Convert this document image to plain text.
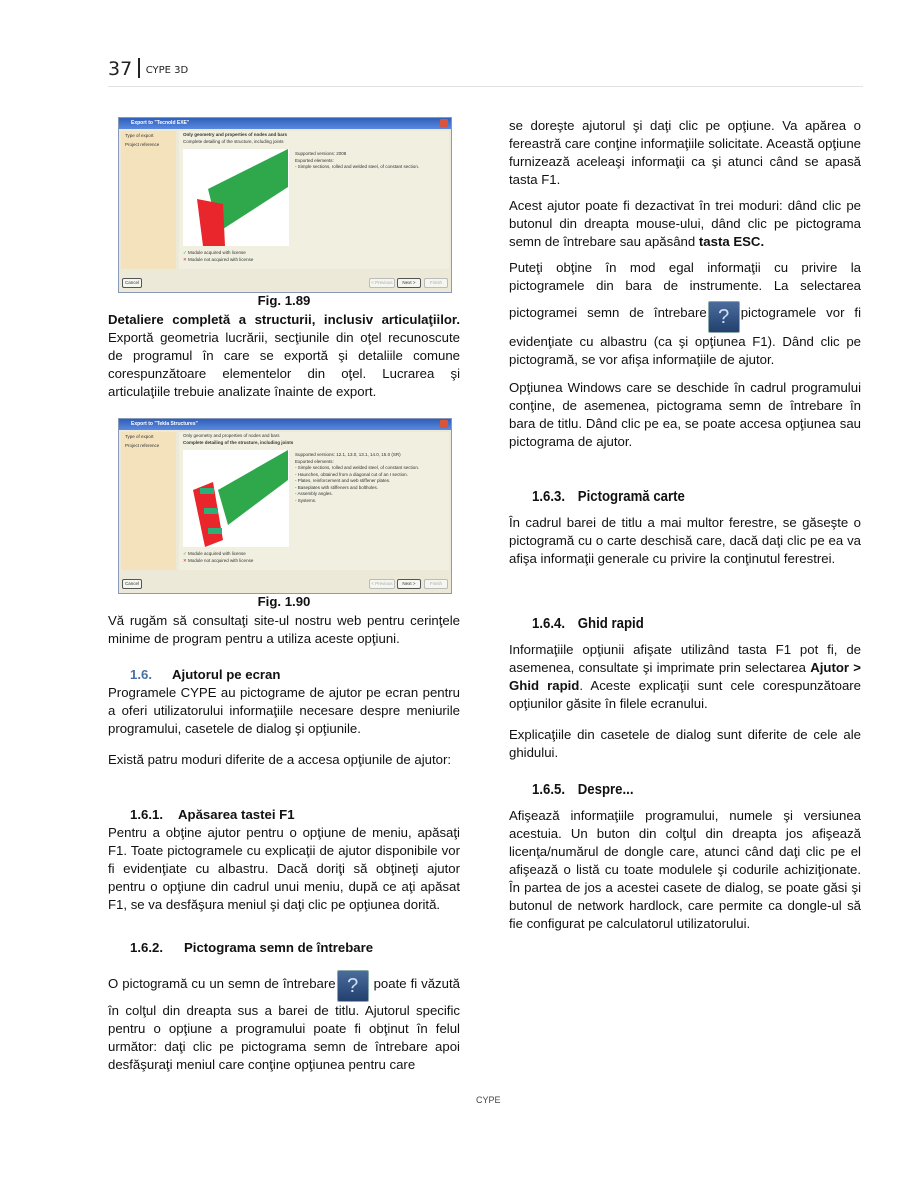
37 CYPE 3D
Export to "Tecnold EXE"
Type of export
Project reference
Only geometry and properties of nodes and bars
Complete detailing of the structure, including joints
Supported versions: 2008
Exported elements:
- Simple sections, rolled and welded steel, of constant section.
✓ Module acquired with license
✕ Module not acquired with license
Cancel	< Previous	Next >	Finish
Fig. 1.89
Detaliere completă a structurii, inclusiv articulaţiilor. Exportă geometria lucrării, secţiunile din oţel recunoscute de programul în care se exportă şi detaliile comune corespunzătoare elementelor din oţel. Lucrarea şi articulaţiile trebuie analizate înainte de export.
Export to "Tekla Structures"
Type of export
Project reference
Only geometry and properties of nodes and bars
Complete detailing of the structure, including joints
Supported versions: 12.1, 13.0, 13.1, 14.0, 15.0 (SR)
Exported elements:
- Simple sections, rolled and welded steel, of constant section.
- Haunches, obtained from a diagonal cut of an I section.
- Plates, reinforcement and web stiffener plates.
- Baseplates with stiffeners and boltholes.
- Assembly angles.
- Systems.
✓ Module acquired with license
✕ Module not acquired with license
Cancel	< Previous	Next >	Finish
Fig. 1.90
Vă rugăm să consultaţi site-ul nostru web pentru cerinţele minime de program pentru a utiliza aceste opţiuni.
1.6. Ajutorul pe ecran
Programele CYPE au pictograme de ajutor pe ecran pentru a oferi utilizatorului informaţiile necesare despre meniurile programului, casetele de dialog şi opţiunile.
Există patru moduri diferite de a accesa opţiunile de ajutor:
1.6.1. Apăsarea tastei F1
Pentru a obţine ajutor pentru o opţiune de meniu, apăsaţi F1. Toate pictogramele cu explicaţii de ajutor disponibile vor fi evidenţiate cu albastru. Dacă doriţi să obţineţi ajutor pentru o opţiune din cadrul unui meniu, după ce aţi apăsat F1, se va desfăşura meniul şi daţi clic pe opţiunea dorită.
1.6.2. Pictograma semn de întrebare
O pictogramă cu un semn de întrebare ? poate fi văzută în colţul din dreapta sus a barei de titlu. Ajutorul specific pentru o opţiune a programului poate fi obţinut în felul următor: daţi clic pe pictograma semn de întrebare apoi desfăşuraţi meniul care conţine opţiunea pentru care
se doreşte ajutorul şi daţi clic pe opţiune. Va apărea o fereastră care conţine informaţiile solicitate. Această opţiune furnizează aceleaşi informaţii ca şi atunci când se apasă tasta F1.
Acest ajutor poate fi dezactivat în trei moduri: dând clic pe butonul din dreapta mouse-ului, dând clic pe pictograma semn de întrebare sau apăsând tasta ESC.
Puteţi obţine în mod egal informaţii cu privire la pictogramele din bara de instrumente. La selectarea pictogramei semn de întrebare ? pictogramele vor fi evidenţiate cu albastru (ca şi opţiunea F1). Dând clic pe pictogramă, se vor afişa informaţiile de ajutor.
Opţiunea Windows care se deschide în cadrul programului conţine, de asemenea, pictograma semn de întrebare în bara de titlu. Dând clic pe ea, se poate accesa opţiunea sau pictograma de ajutor.
1.6.3. Pictogramă carte
În cadrul barei de titlu a mai multor ferestre, se găseşte o pictogramă cu o carte deschisă care, dacă daţi clic pe ea va afişa informaţii generale cu privire la conţinutul ferestrei.
1.6.4. Ghid rapid
Informaţiile opţiunii afişate utilizând tasta F1 pot fi, de asemenea, consultate şi imprimate prin selectarea Ajutor > Ghid rapid. Aceste explicaţii sunt cele corespunzătoare opţiunilor găsite în filele ecranului.
Explicaţiile din casetele de dialog sunt diferite de cele ale ghidului.
1.6.5. Despre...
Afişează informaţiile programului, numele şi versiunea acestuia. Un buton din colţul din dreapta jos afişează licenţa/numărul de dongle care, atunci când daţi clic pe el afişează o listă cu toate modulele şi codurile achiziţionate. În partea de jos a acestei casete de dialog, se poate găsi şi butonul de network hardlock, care permite ca dongle-ul să fie configurat pe calculatorul utilizatorului.
CYPE
